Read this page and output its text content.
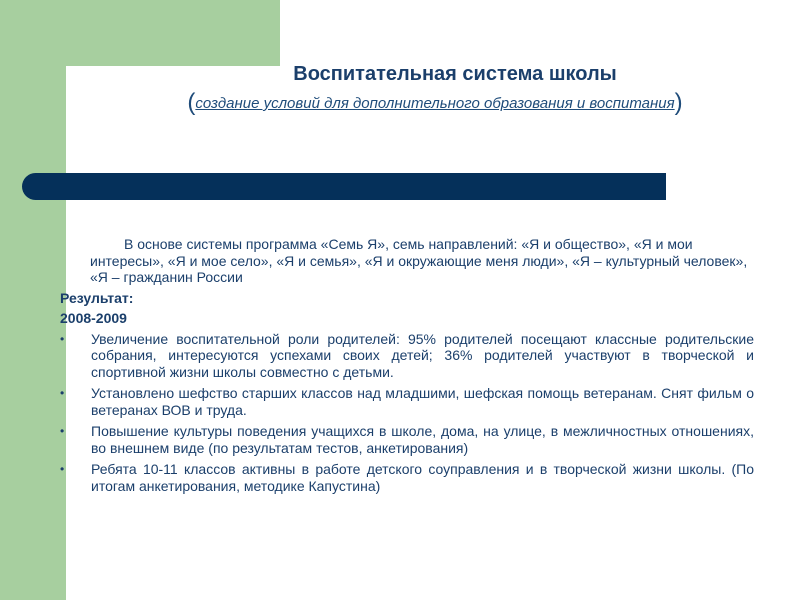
Воспитательная система школы
(создание условий для дополнительного образования и воспитания)

В основе системы программа «Семь Я», семь направлений: «Я и общество», «Я и мои интересы», «Я и мое село», «Я и семья», «Я и окружающие меня люди», «Я – культурный человек», «Я – гражданин России

Результат:

2008-2009

• Увеличение воспитательной роли родителей: 95% родителей посещают классные родительские собрания, интересуются успехами своих детей; 36% родителей участвуют в творческой и спортивной жизни школы совместно с детьми.
• Установлено шефство старших классов над младшими, шефская помощь ветеранам. Снят фильм о ветеранах ВОВ и труда.
• Повышение культуры поведения учащихся в школе, дома, на улице, в межличностных отношениях, во внешнем виде (по результатам тестов, анкетирования)
• Ребята 10-11 классов активны в работе детского соуправления и в творческой жизни школы. (По итогам анкетирования, методике Капустина)
